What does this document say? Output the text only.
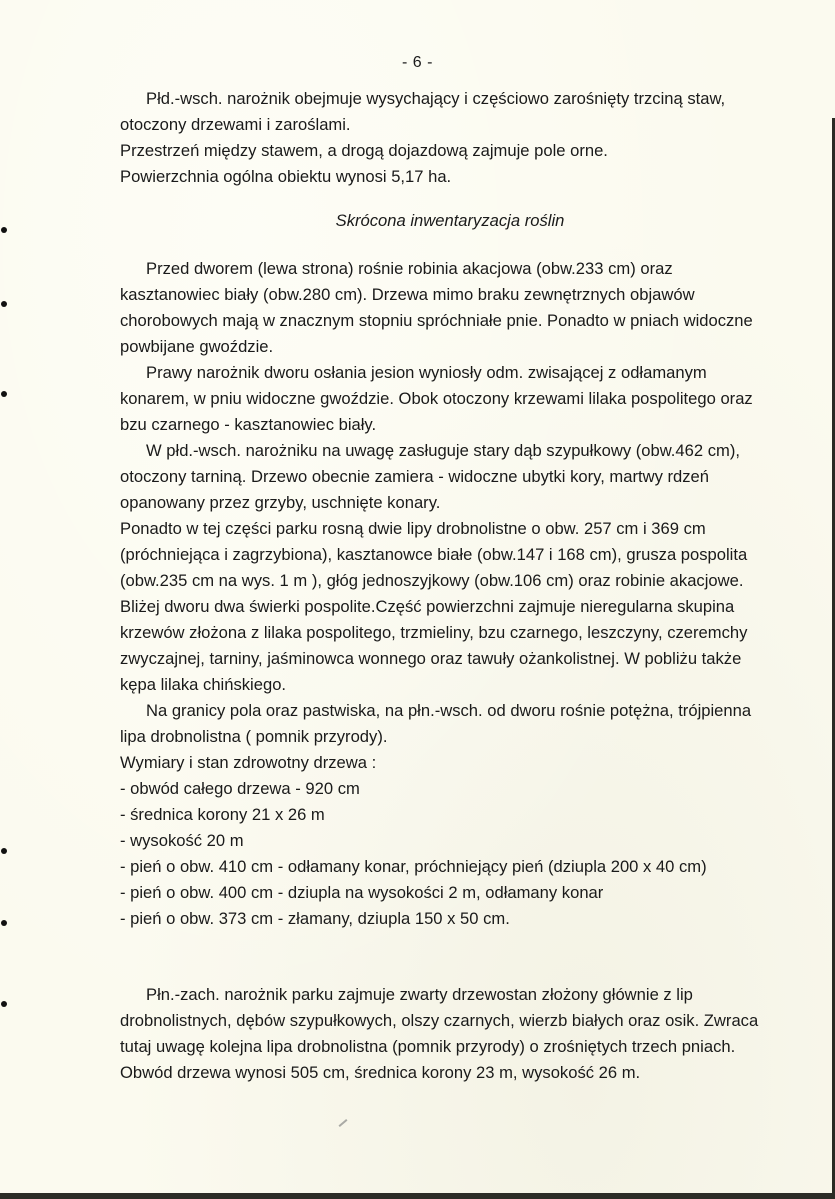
- 6 -

Płd.-wsch. narożnik obejmuje wysychający i częściowo zarośnięty trzciną staw, otoczony drzewami i zaroślami.

Przestrzeń między stawem, a drogą dojazdową zajmuje pole orne.

Powierzchnia ogólna obiektu wynosi 5,17 ha.

Skrócona inwentaryzacja roślin

Przed dworem (lewa strona) rośnie robinia akacjowa (obw.233 cm) oraz kasztanowiec biały (obw.280 cm). Drzewa mimo braku zewnętrznych objawów chorobowych mają w znacznym stopniu spróchniałe pnie. Ponadto w pniach widoczne powbijane gwoździe.

Prawy narożnik dworu osłania jesion wyniosły odm. zwisającej z odłamanym konarem, w pniu widoczne gwoździe. Obok otoczony krzewami lilaka pospolitego oraz bzu czarnego - kasztanowiec biały.

W płd.-wsch. narożniku na uwagę zasługuje stary dąb szypułkowy (obw.462 cm), otoczony tarniną. Drzewo obecnie zamiera - widoczne ubytki kory, martwy rdzeń opanowany przez grzyby, uschnięte konary.

Ponadto w tej części parku rosną dwie lipy drobnolistne o obw. 257 cm i 369 cm (próchniejąca i zagrzybiona), kasztanowce białe (obw.147 i 168 cm), grusza pospolita (obw.235 cm na wys. 1 m ), głóg jednoszyjkowy (obw.106 cm) oraz robinie akacjowe. Bliżej dworu dwa świerki pospolite.Część powierzchni zajmuje nieregularna skupina krzewów złożona z lilaka pospolitego, trzmieliny, bzu czarnego, leszczyny, czeremchy zwyczajnej, tarniny, jaśminowca wonnego oraz tawuły ożankolistnej. W pobliżu także kępa lilaka chińskiego.

Na granicy pola oraz pastwiska, na płn.-wsch. od dworu rośnie potężna, trójpienna lipa drobnolistna ( pomnik przyrody).

Wymiary i stan zdrowotny drzewa :

- obwód całego drzewa - 920 cm
- średnica korony 21 x 26 m
- wysokość 20 m
- pień o obw. 410 cm - odłamany konar, próchniejący pień (dziupla 200 x 40 cm)
- pień o obw. 400 cm - dziupla na wysokości 2 m, odłamany konar
- pień o obw. 373 cm - złamany, dziupla 150 x 50 cm.

Płn.-zach. narożnik parku zajmuje zwarty drzewostan złożony głównie z lip drobnolistnych, dębów szypułkowych, olszy czarnych, wierzb białych oraz osik. Zwraca tutaj uwagę kolejna lipa drobnolistna (pomnik przyrody) o zrośniętych trzech pniach. Obwód drzewa wynosi 505 cm, średnica korony 23 m, wysokość 26 m.
